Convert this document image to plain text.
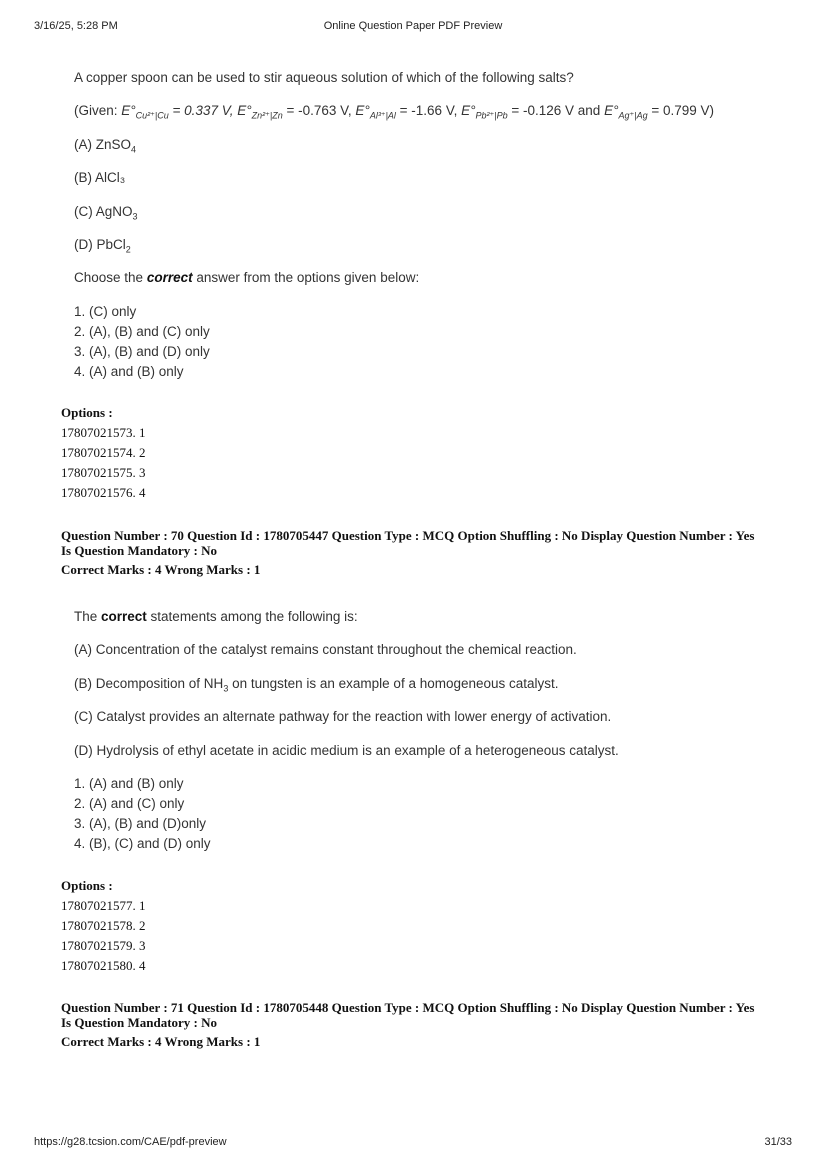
3/16/25, 5:28 PM	Online Question Paper PDF Preview
A copper spoon can be used to stir aqueous solution of which of the following salts?
(Given: $E^\circ_{Cu^{2+}|Cu} = 0.337$ V, $E^\circ_{Zn^{2+}|Zn} = -0.763$ V, $E^\circ_{Al^{3+}|Al} = -1.66$ V, $E^\circ_{Pb^{2+}|Pb} = -0.126$ V and $E^\circ_{Ag^+|Ag} = 0.799$ V)
(A) ZnSO$_4$
(B) AlCl₃
(C) AgNO$_3$
(D) PbCl$_2$
Choose the correct answer from the options given below:
1. (C) only
2. (A), (B) and (C) only
3. (A), (B) and (D) only
4. (A) and (B) only
Options :
17807021573. 1
17807021574. 2
17807021575. 3
17807021576. 4
Question Number : 70 Question Id : 1780705447 Question Type : MCQ Option Shuffling : No Display Question Number : Yes
Is Question Mandatory : No
Correct Marks : 4 Wrong Marks : 1
The correct statements among the following is:
(A) Concentration of the catalyst remains constant throughout the chemical reaction.
(B) Decomposition of $NH_3$ on tungsten is an example of a homogeneous catalyst.
(C) Catalyst provides an alternate pathway for the reaction with lower energy of activation.
(D) Hydrolysis of ethyl acetate in acidic medium is an example of a heterogeneous catalyst.
1. (A) and (B) only
2. (A) and (C) only
3. (A), (B) and (D)only
4. (B), (C) and (D) only
Options :
17807021577. 1
17807021578. 2
17807021579. 3
17807021580. 4
Question Number : 71 Question Id : 1780705448 Question Type : MCQ Option Shuffling : No Display Question Number : Yes
Is Question Mandatory : No
Correct Marks : 4 Wrong Marks : 1
https://g28.tcsion.com/CAE/pdf-preview	31/33
